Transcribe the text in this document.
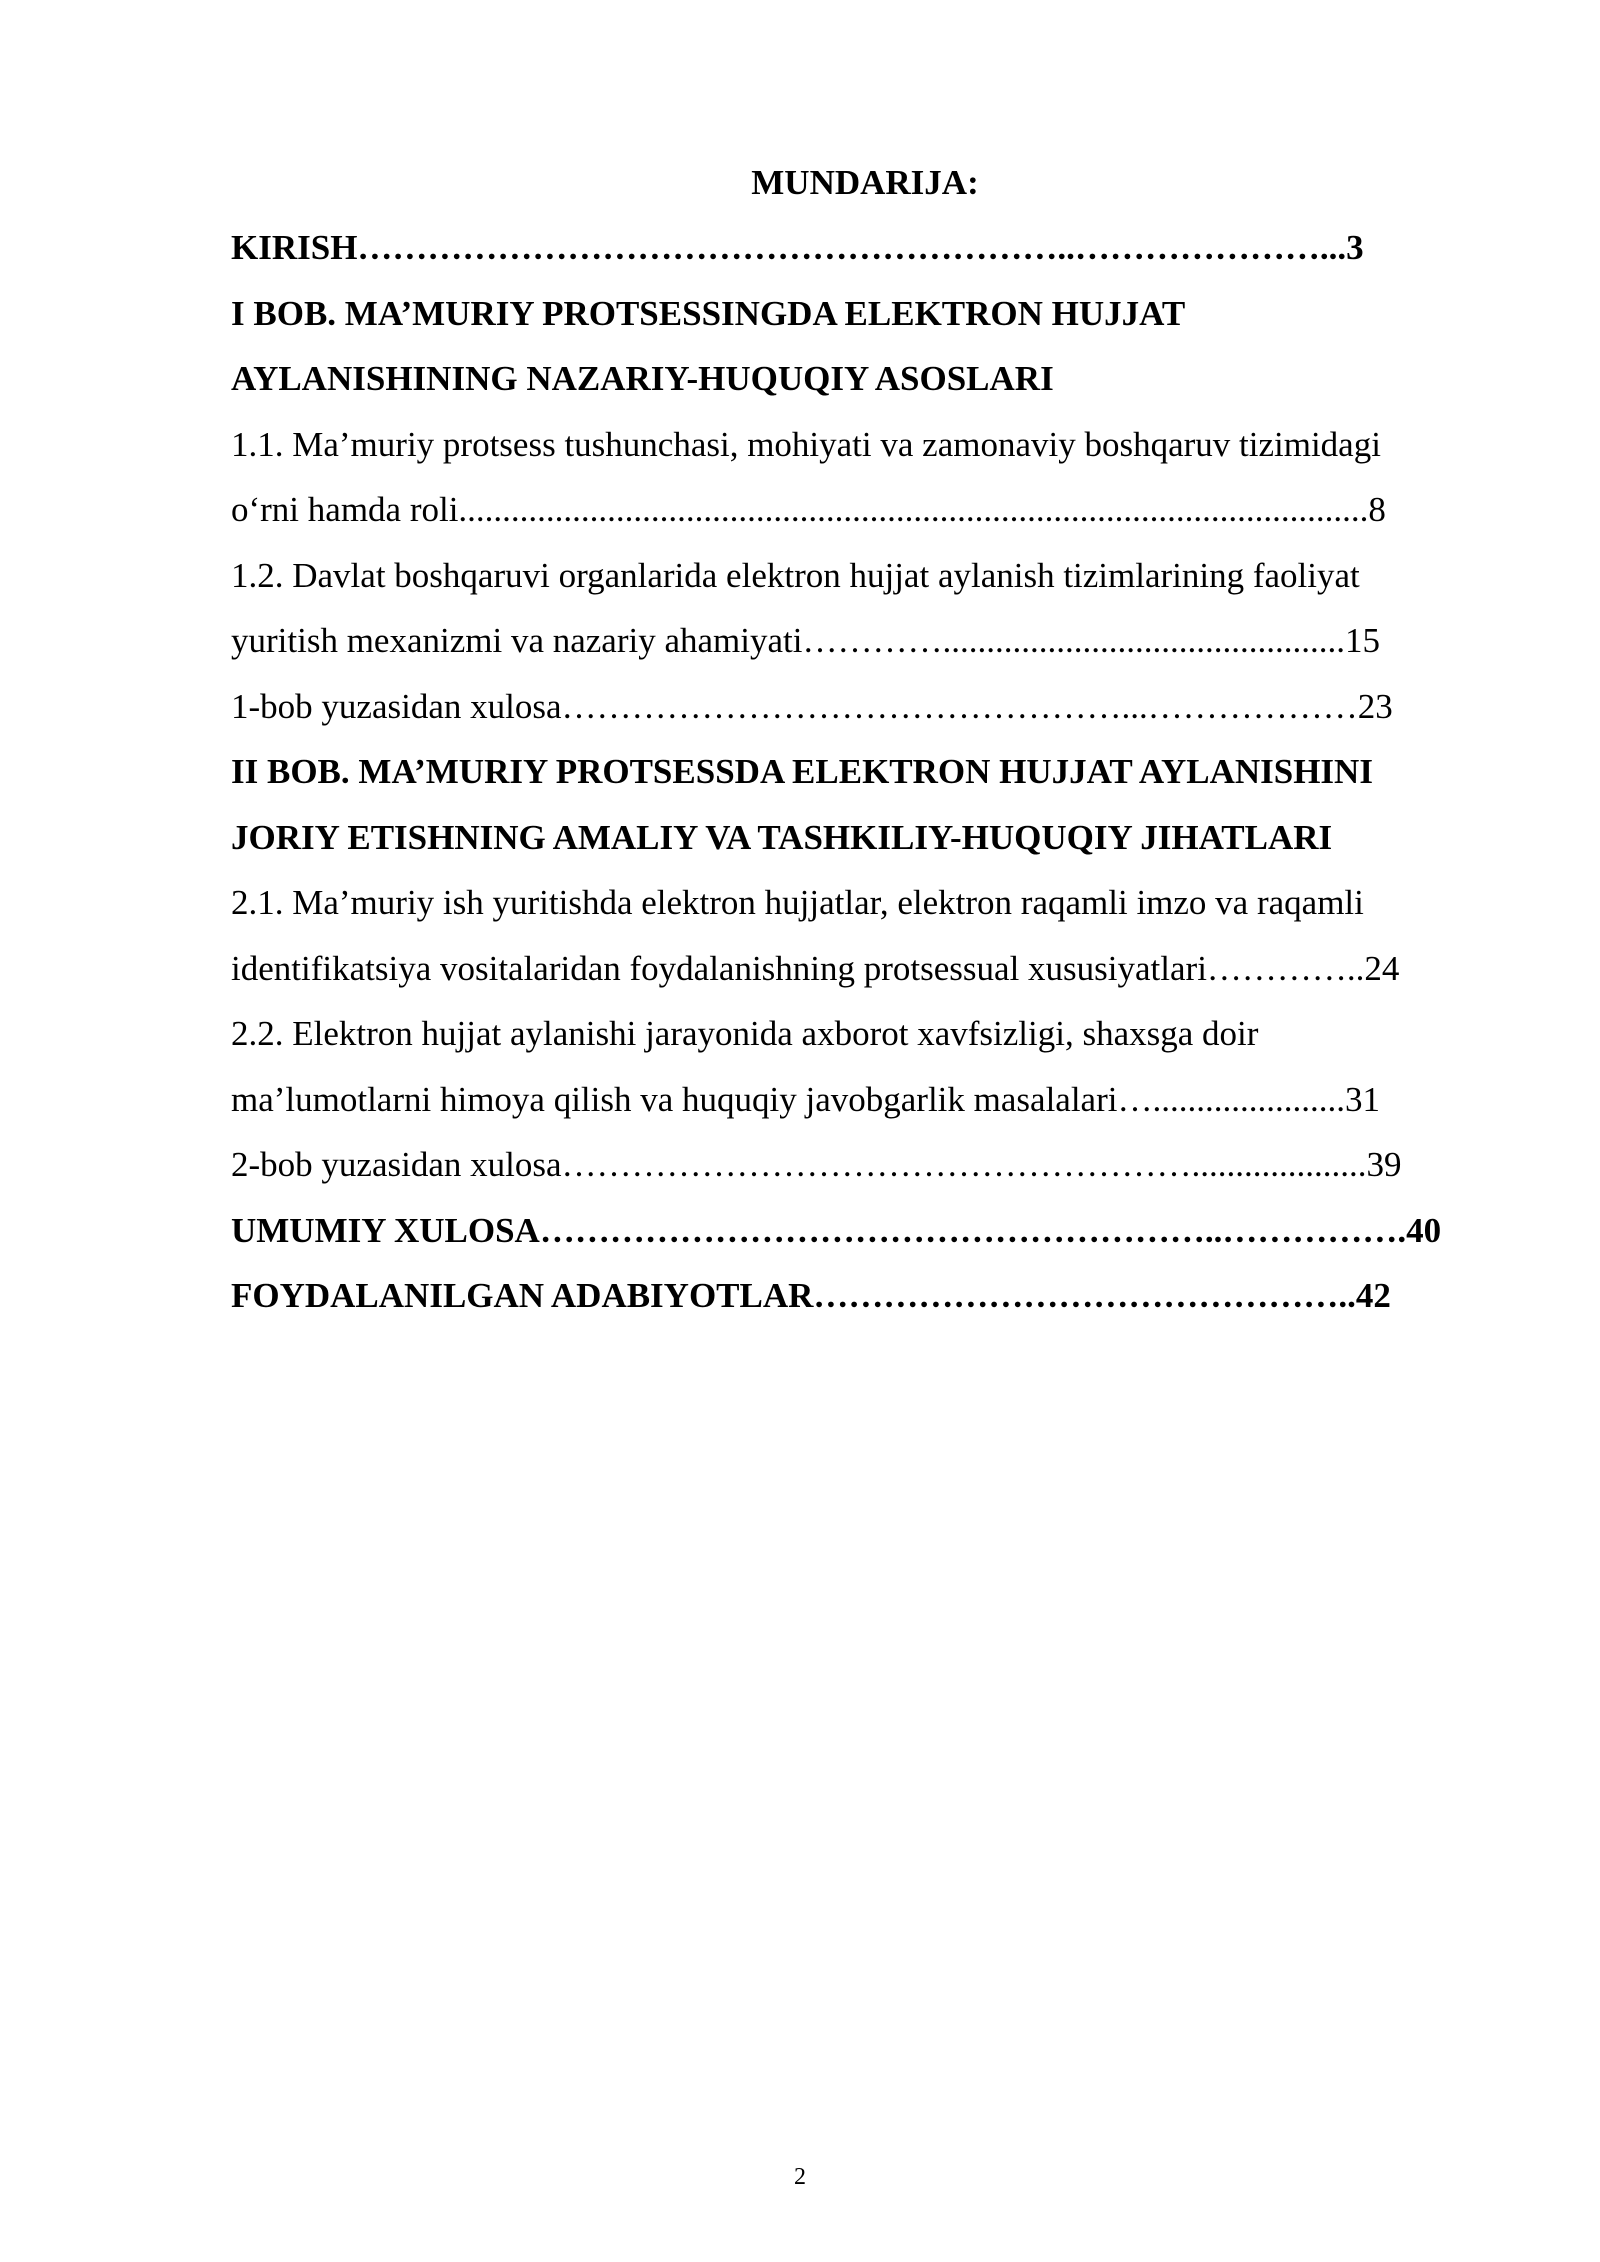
MUNDARIJA:
KIRISH……………………………………………………..…………………...3
I BOB. MA’MURIY PROTSESSINGDA ELEKTRON HUJJAT
AYLANISHINING NAZARIY-HUQUQIY ASOSLARI
1.1. Ma’muriy protsess tushunchasi, mohiyati va zamonaviy boshqaruv tizimidagi
o‘rni hamda roli........................................................................................................8
1.2. Davlat boshqaruvi organlarida elektron hujjat aylanish tizimlarining faoliyat
yuritish mexanizmi va nazariy ahamiyati…………..............................................15
1-bob yuzasidan xulosa…………………………………………...………………23
II BOB. MA’MURIY PROTSESSDA ELEKTRON HUJJAT AYLANISHINI
JORIY ETISHNING AMALIY VA TASHKILIY-HUQUQIY JIHATLARI
2.1. Ma’muriy ish yuritishda elektron hujjatlar, elektron raqamli imzo va raqamli
identifikatsiya vositalaridan foydalanishning protsessual xususiyatlari…………..24
2.2. Elektron hujjat aylanishi jarayonida axborot xavfsizligi, shaxsga doir
ma’lumotlarni himoya qilish va huquqiy javobgarlik masalalari…......................31
2-bob yuzasidan xulosa………………………………………………....................39
UMUMIY XULOSA…………………………………………………..…………….40
FOYDALANILGAN ADABIYOTLAR………………………………………..42
2
